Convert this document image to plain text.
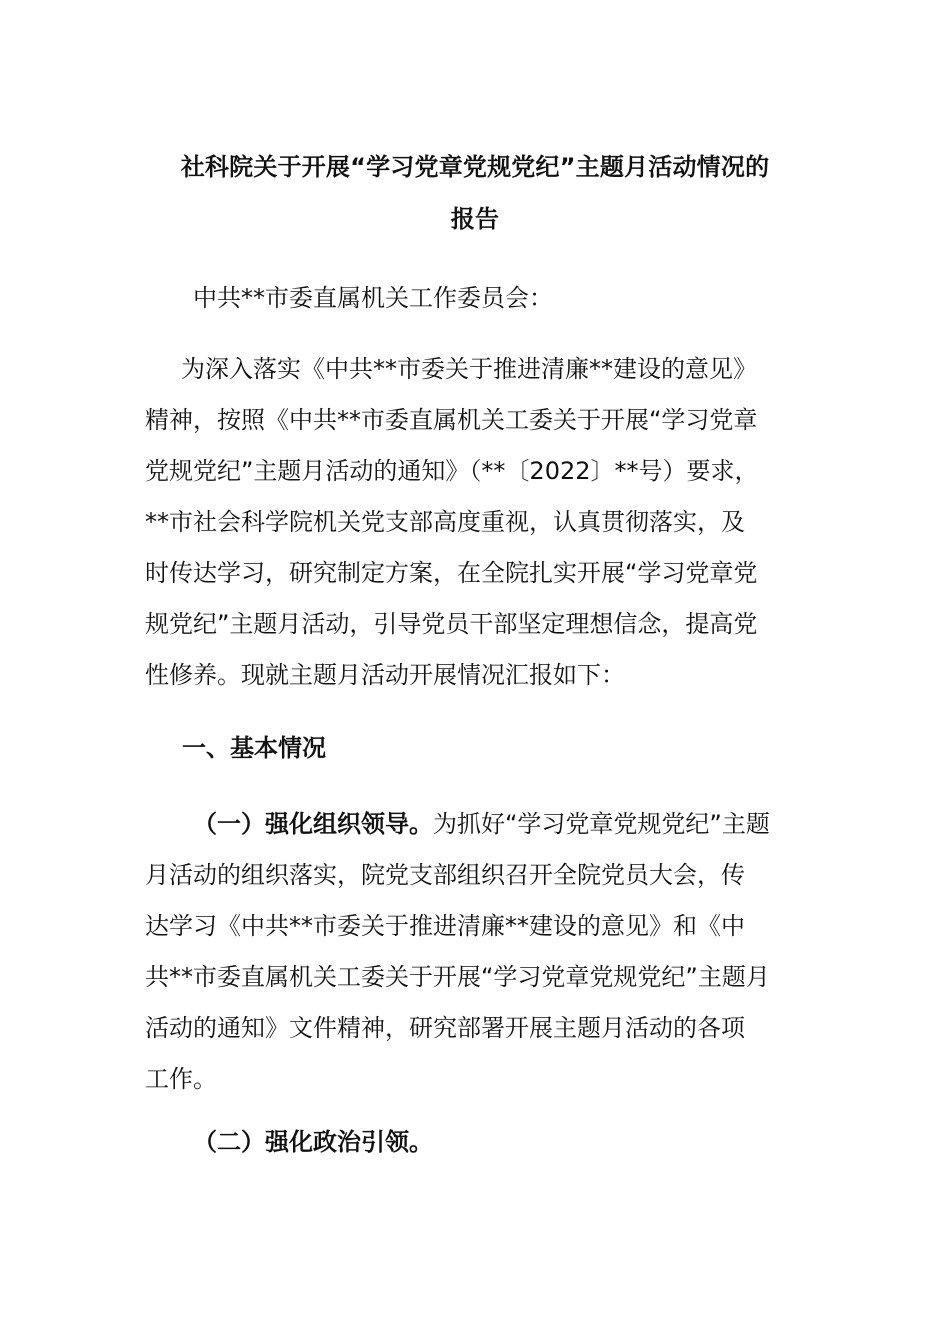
社科院关于开展“学习党章党规党纪”主题月活动情况的

报告

中共**市委直属机关工作委员会：

为深入落实《中共**市委关于推进清廉**建设的意见》
精神，按照《中共**市委直属机关工委关于开展“学习党章
党规党纪”主题月活动的通知》（**〔2022〕**号）要求，
**市社会科学院机关党支部高度重视，认真贯彻落实，及
时传达学习，研究制定方案，在全院扎实开展“学习党章党
规党纪”主题月活动，引导党员干部坚定理想信念，提高党
性修养。现就主题月活动开展情况汇报如下：

一、基本情况

（一）强化组织领导。为抓好“学习党章党规党纪”主题
月活动的组织落实，院党支部组织召开全院党员大会，传
达学习《中共**市委关于推进清廉**建设的意见》和《中
共**市委直属机关工委关于开展“学习党章党规党纪”主题月
活动的通知》文件精神，研究部署开展主题月活动的各项
工作。

（二）强化政治引领。
